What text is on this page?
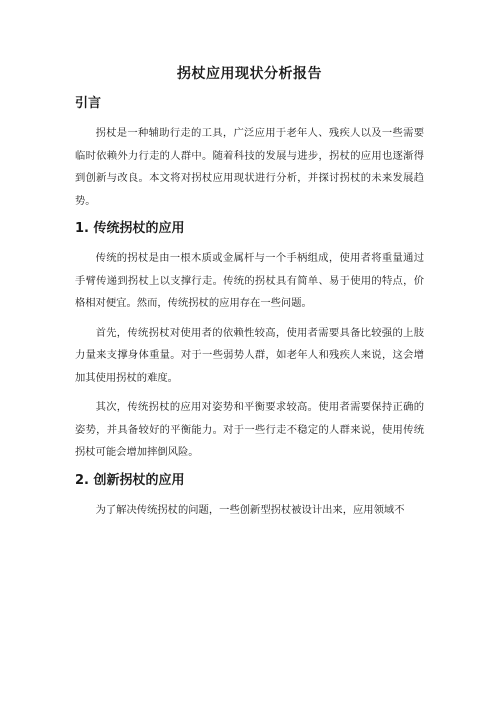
拐杖应用现状分析报告
引言

拐杖是一种辅助行走的工具，广泛应用于老年人、残疾人以及一些需要临时依赖外力行走的人群中。随着科技的发展与进步，拐杖的应用也逐渐得到创新与改良。本文将对拐杖应用现状进行分析，并探讨拐杖的未来发展趋势。

1. 传统拐杖的应用

传统的拐杖是由一根木质或金属杆与一个手柄组成，使用者将重量通过手臂传递到拐杖上以支撑行走。传统的拐杖具有简单、易于使用的特点，价格相对便宜。然而，传统拐杖的应用存在一些问题。

首先，传统拐杖对使用者的依赖性较高，使用者需要具备比较强的上肢力量来支撑身体重量。对于一些弱势人群，如老年人和残疾人来说，这会增加其使用拐杖的难度。

其次，传统拐杖的应用对姿势和平衡要求较高。使用者需要保持正确的姿势，并具备较好的平衡能力。对于一些行走不稳定的人群来说，使用传统拐杖可能会增加摔倒风险。

2. 创新拐杖的应用

为了解决传统拐杖的问题，一些创新型拐杖被设计出来，应用领域不
